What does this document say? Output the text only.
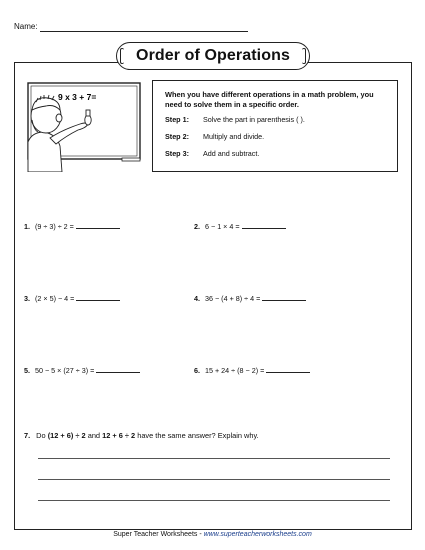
Name:
Order of Operations
9 x 3 + 7=	When you have different operations in a math problem, you need to solve them in a specific order.
Step 1: Solve the part in parenthesis ( ).
Step 2: Multiply and divide.
Step 3: Add and subtract.
1. (9 ÷ 3) ÷ 2 =	2. 6 − 1 × 4 =
3. (2 × 5) − 4 =	4. 36 − (4 + 8) ÷ 4 =
5. 50 − 5 × (27 ÷ 3) =	6. 15 + 24 ÷ (8 − 2) =
7. Do (12 + 6) ÷ 2 and 12 + 6 ÷ 2 have the same answer? Explain why.
Super Teacher Worksheets - www.superteacherworksheets.com
